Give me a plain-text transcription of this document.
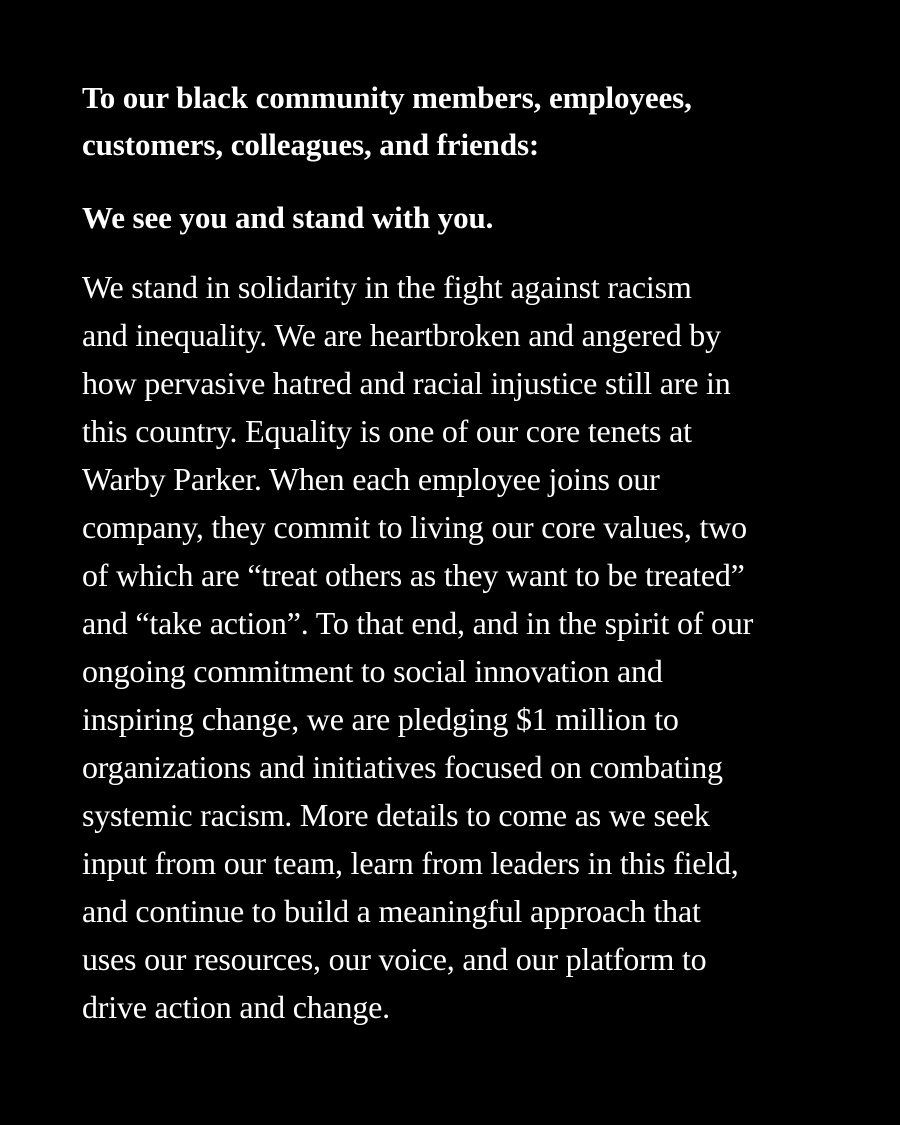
To our black community members, employees,
customers, colleagues, and friends:
We see you and stand with you.

We stand in solidarity in the fight against racism
and inequality. We are heartbroken and angered by
how pervasive hatred and racial injustice still are in
this country. Equality is one of our core tenets at
Warby Parker. When each employee joins our
company, they commit to living our core values, two
of which are “treat others as they want to be treated”
and “take action”. To that end, and in the spirit of our
ongoing commitment to social innovation and
inspiring change, we are pledging $1 million to
organizations and initiatives focused on combating
systemic racism. More details to come as we seek
input from our team, learn from leaders in this field,
and continue to build a meaningful approach that
uses our resources, our voice, and our platform to
drive action and change.
